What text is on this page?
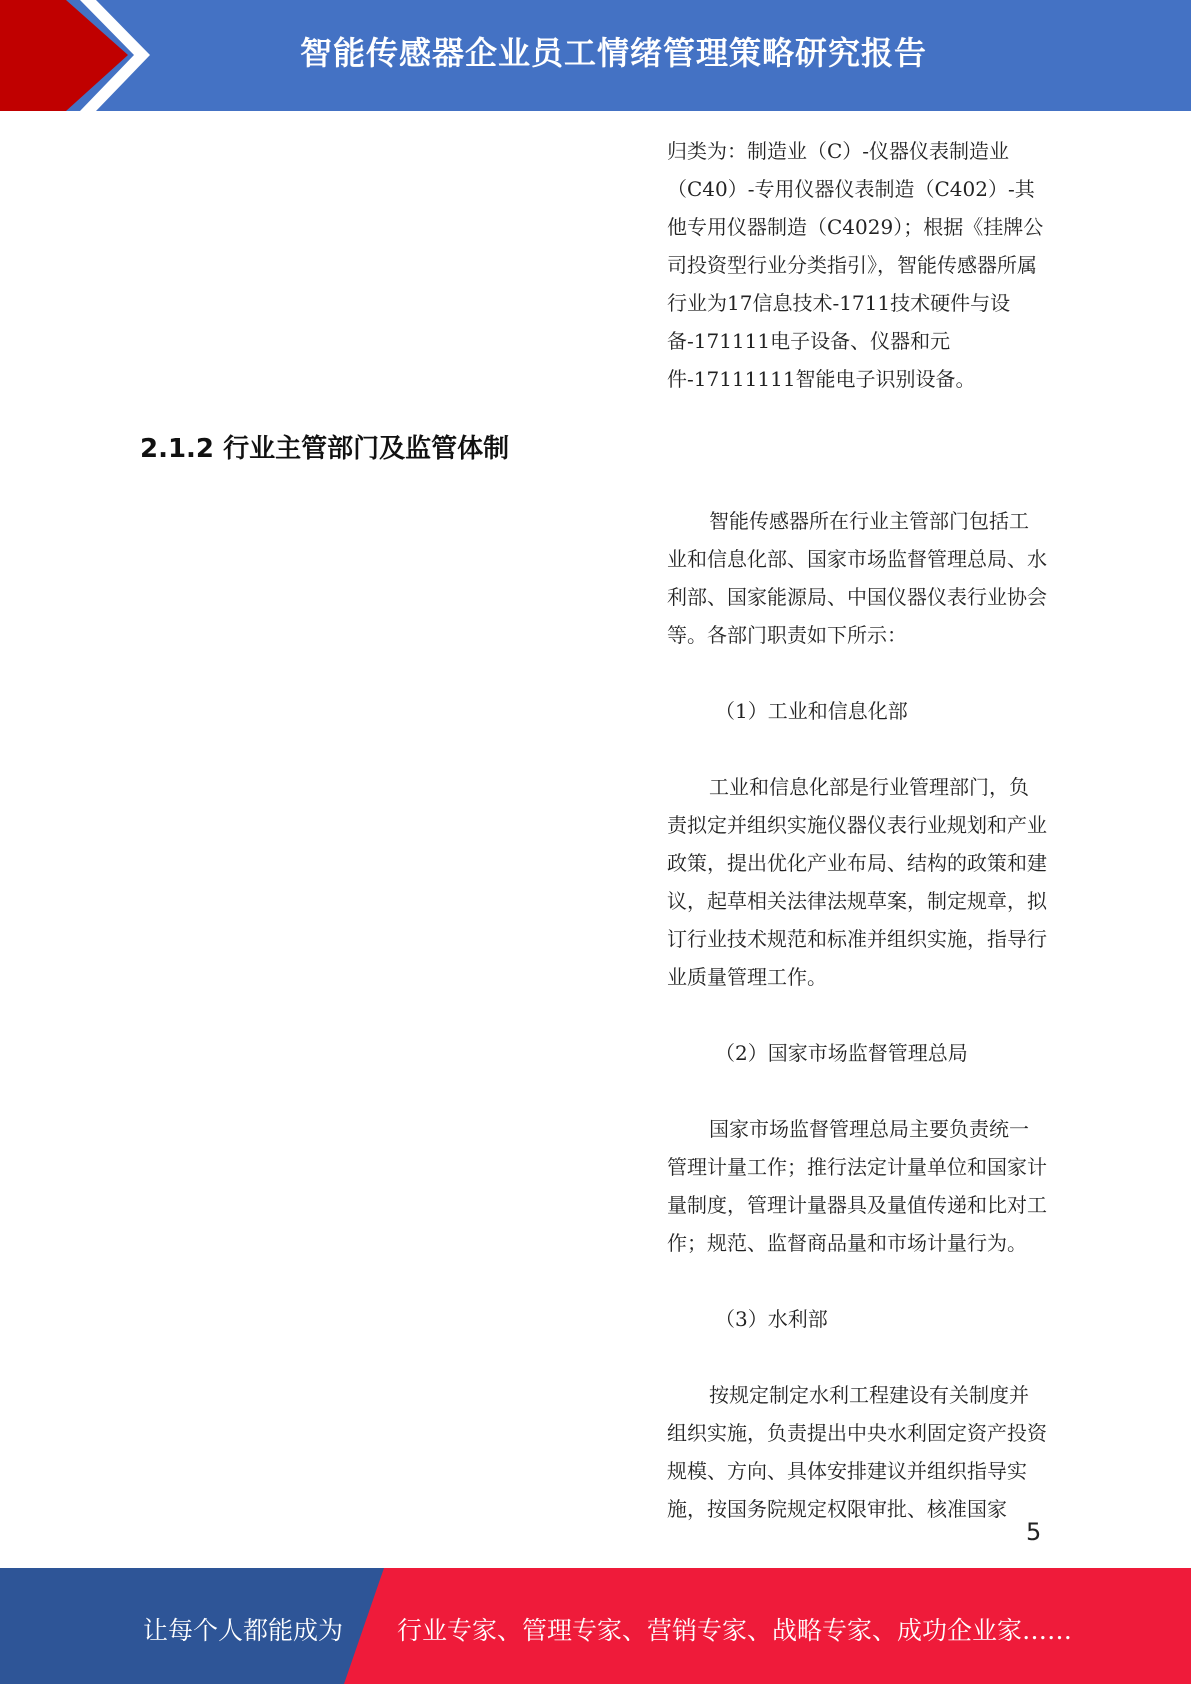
智能传感器企业员工情绪管理策略研究报告

归类为：制造业（C）-仪器仪表制造业（C40）-专用仪器仪表制造（C402）-其他专用仪器制造（C4029）；根据《挂牌公司投资型行业分类指引》，智能传感器所属行业为17信息技术-1711技术硬件与设备-171111电子设备、仪器和元件-17111111智能电子识别设备。

2.1.2 行业主管部门及监管体制

智能传感器所在行业主管部门包括工业和信息化部、国家市场监督管理总局、水利部、国家能源局、中国仪器仪表行业协会等。各部门职责如下所示：

（1）工业和信息化部

工业和信息化部是行业管理部门，负责拟定并组织实施仪器仪表行业规划和产业政策，提出优化产业布局、结构的政策和建议，起草相关法律法规草案，制定规章，拟订行业技术规范和标准并组织实施，指导行业质量管理工作。

（2）国家市场监督管理总局

国家市场监督管理总局主要负责统一管理计量工作；推行法定计量单位和国家计量制度，管理计量器具及量值传递和比对工作；规范、监督商品量和市场计量行为。

（3）水利部

按规定制定水利工程建设有关制度并组织实施，负责提出中央水利固定资产投资规模、方向、具体安排建议并组织指导实施，按国务院规定权限审批、核准国家

5
让每个人都能成为 行业专家、管理专家、营销专家、战略专家、成功企业家……
